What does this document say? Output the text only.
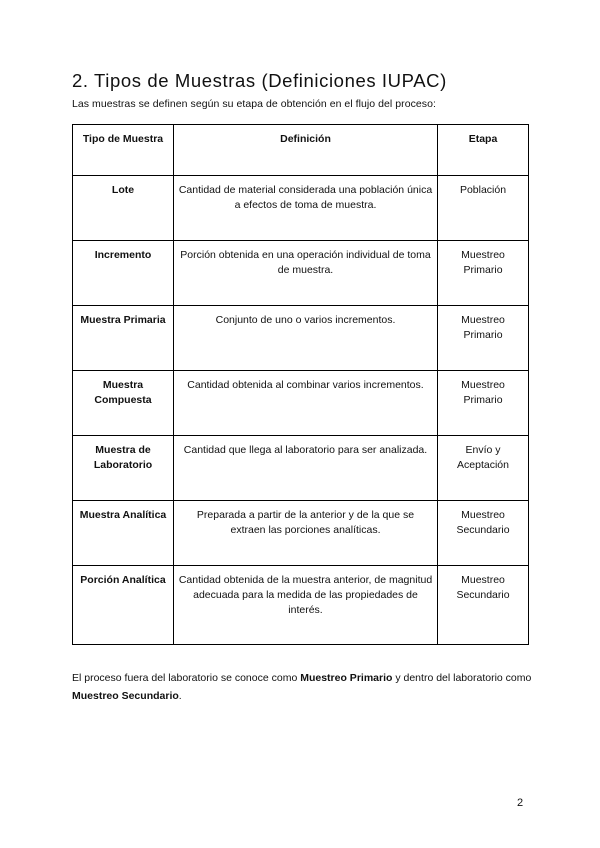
2. Tipos de Muestras (Definiciones IUPAC)

Las muestras se definen según su etapa de obtención en el flujo del proceso:

Tipo de Muestra	Definición	Etapa
Lote	Cantidad de material considerada una población única a efectos de toma de muestra.	Población
Incremento	Porción obtenida en una operación individual de toma de muestra.	Muestreo Primario
Muestra Primaria	Conjunto de uno o varios incrementos.	Muestreo Primario
Muestra Compuesta	Cantidad obtenida al combinar varios incrementos.	Muestreo Primario
Muestra de Laboratorio	Cantidad que llega al laboratorio para ser analizada.	Envío y Aceptación
Muestra Analítica	Preparada a partir de la anterior y de la que se extraen las porciones analíticas.	Muestreo Secundario
Porción Analítica	Cantidad obtenida de la muestra anterior, de magnitud adecuada para la medida de las propiedades de interés.	Muestreo Secundario

El proceso fuera del laboratorio se conoce como Muestreo Primario y dentro del laboratorio como Muestreo Secundario.

2
